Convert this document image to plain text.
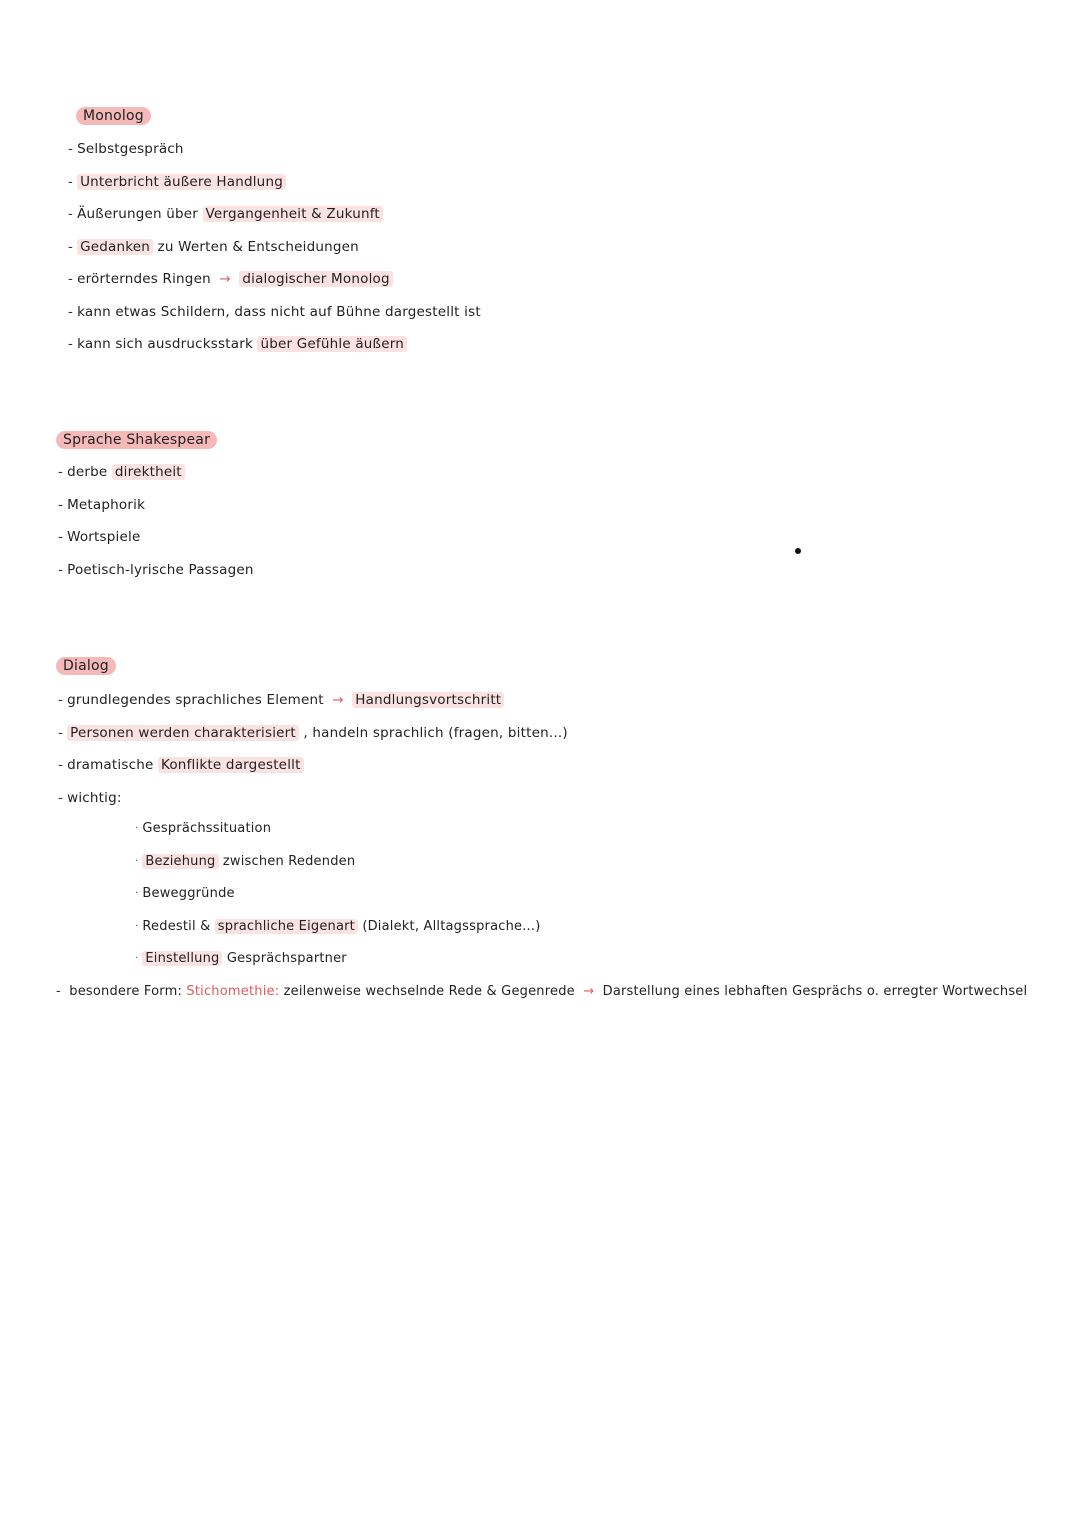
Monolog
- Selbstgespräch
- Unterbricht äußere Handlung
- Äußerungen über Vergangenheit & Zukunft
- Gedanken zu Werten & Entscheidungen
- erörterndes Ringen → dialogischer Monolog
- kann etwas Schildern, dass nicht auf Bühne dargestellt ist
- kann sich ausdrucksstark über Gefühle äußern
Sprache Shakespear
- derbe direktheit
- Metaphorik
- Wortspiele
- Poetisch-lyrische Passagen
Dialog
- grundlegendes sprachliches Element → Handlungsvortschritt
- Personen werden charakterisiert , handeln sprachlich (fragen, bitten...)
- dramatische Konflikte dargestellt
- wichtig:
· Gesprächssituation
· Beziehung zwischen Redenden
· Beweggründe
· Redestil & sprachliche Eigenart (Dialekt, Alltagssprache...)
· Einstellung Gesprächspartner
- besondere Form: Stichomethie: zeilenweise wechselnde Rede & Gegenrede → Darstellung eines lebhaften Gesprächs o. erregter Wortwechsel
